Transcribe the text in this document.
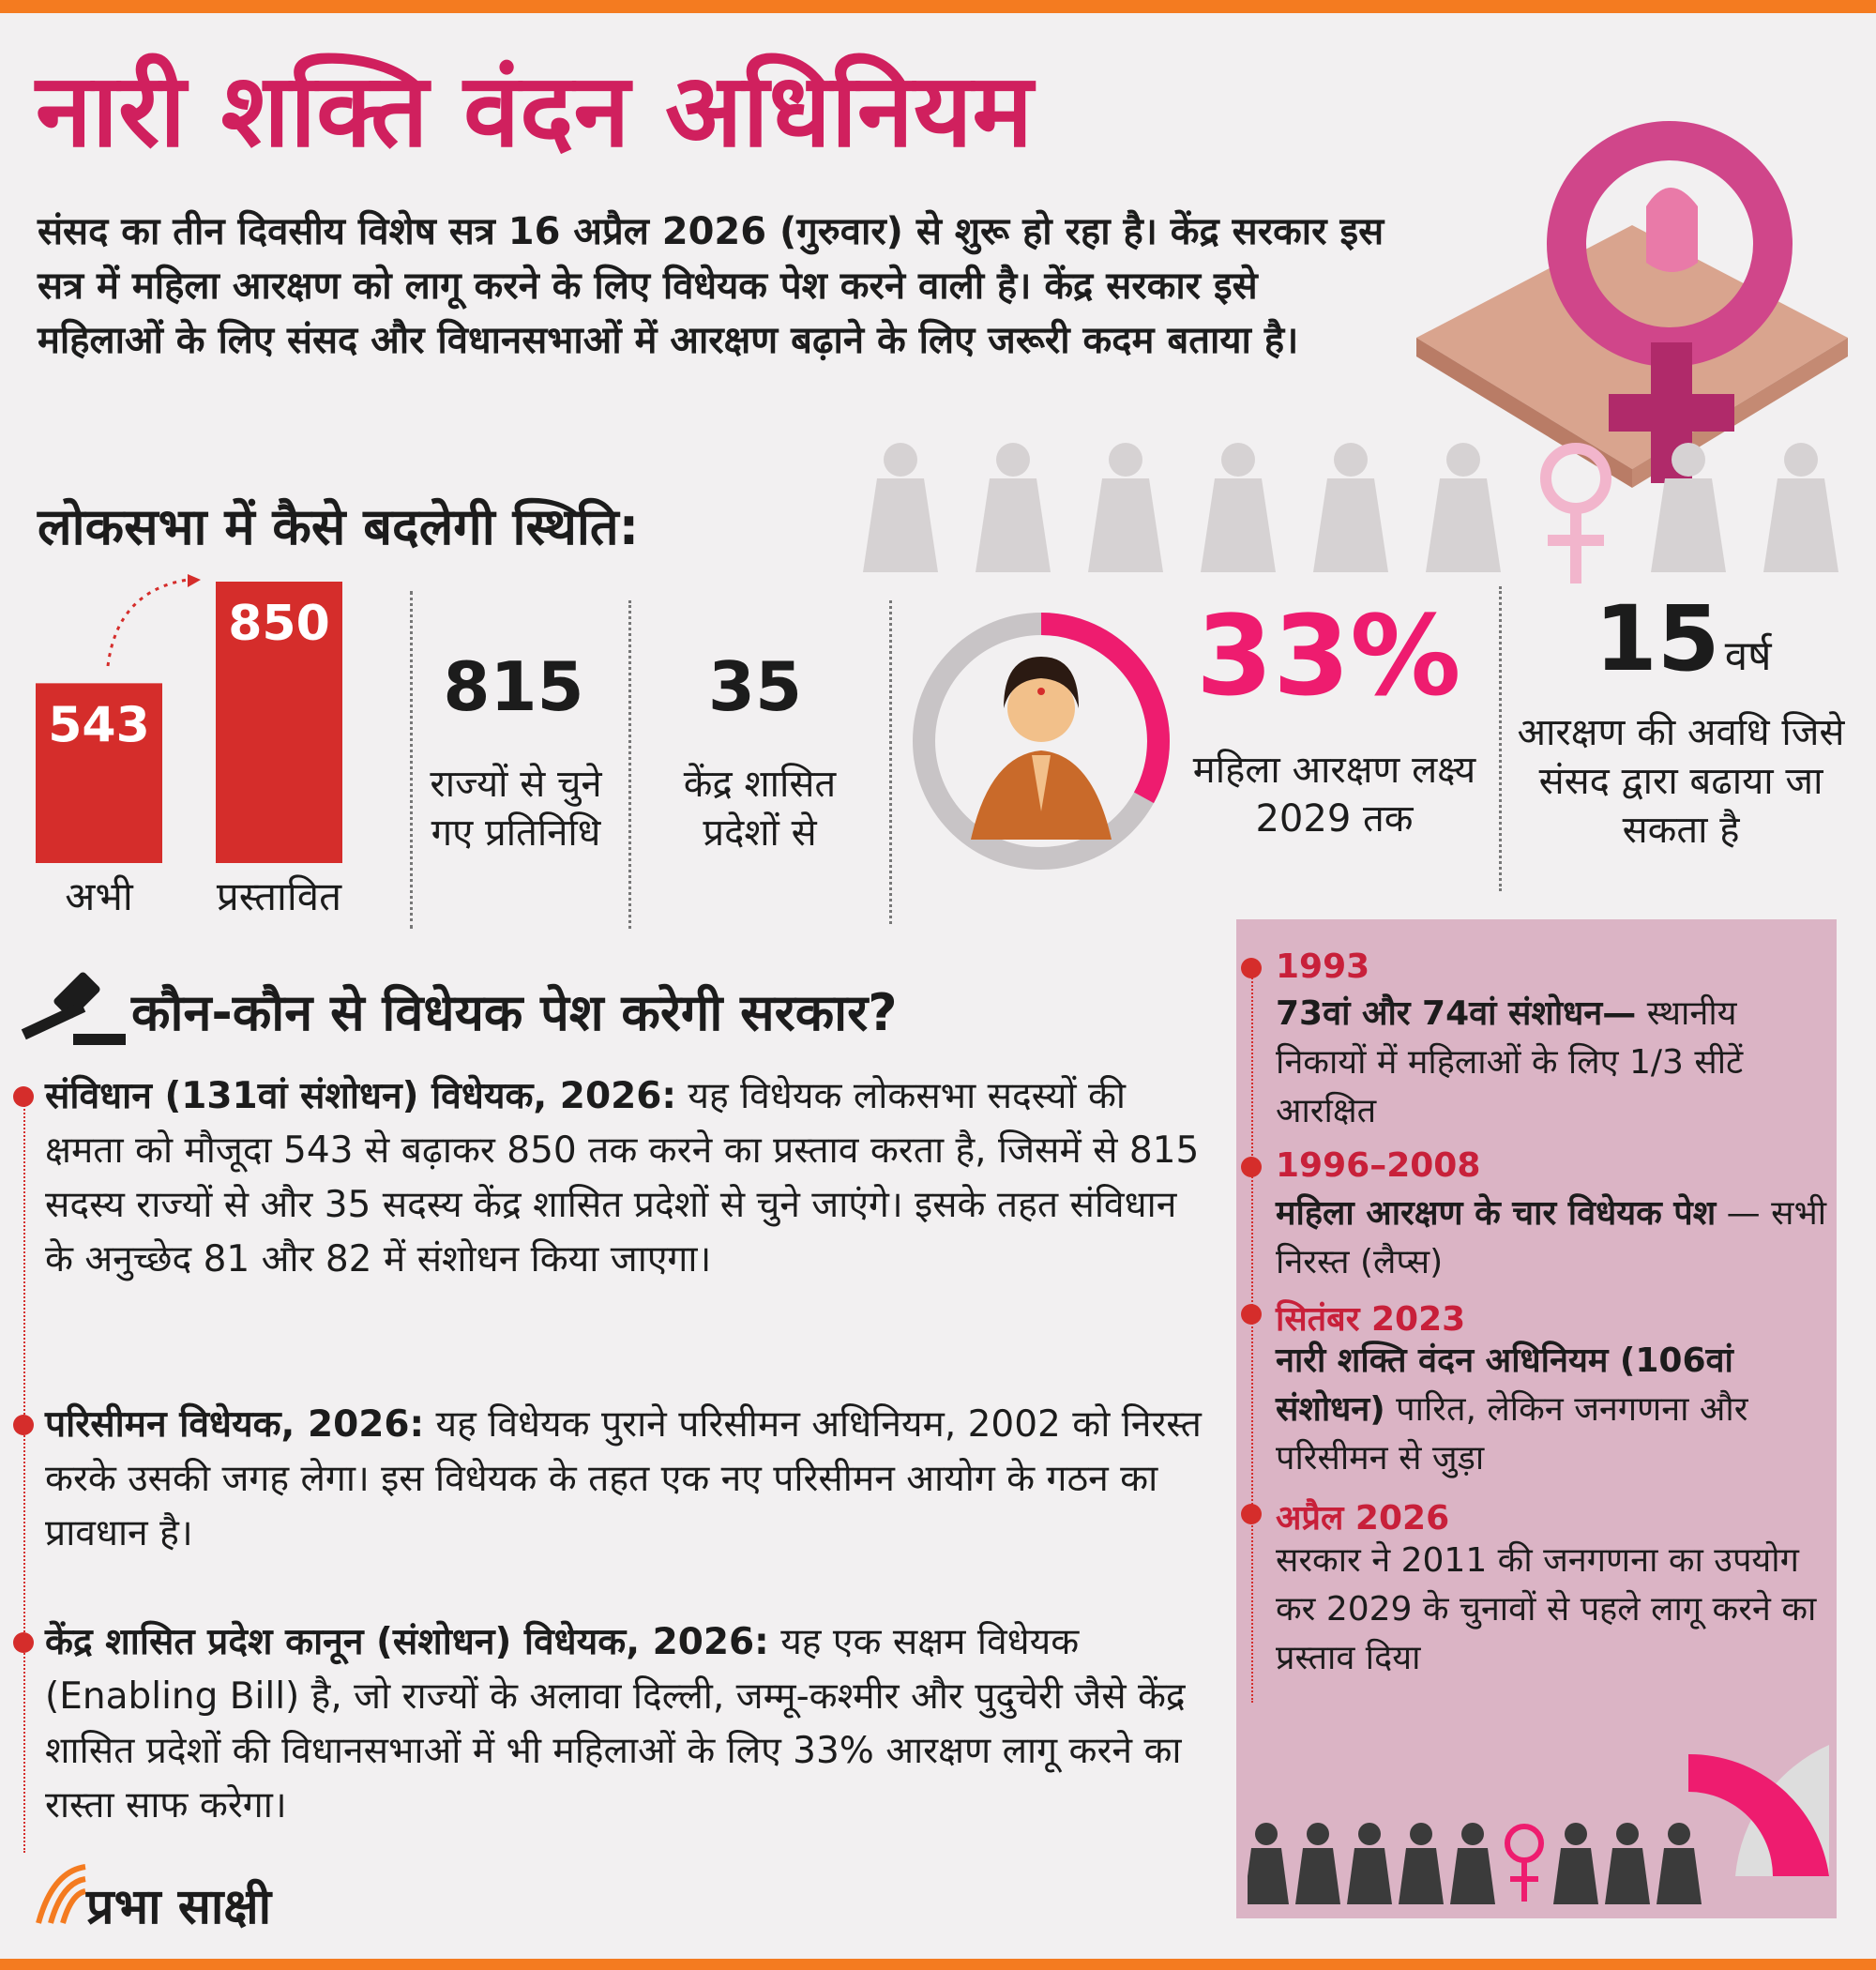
नारी शक्ति वंदन अधिनियम
संसद का तीन दिवसीय विशेष सत्र 16 अप्रैल 2026 (गुरुवार) से शुरू हो रहा है। केंद्र सरकार इस सत्र में महिला आरक्षण को लागू करने के लिए विधेयक पेश करने वाली है। केंद्र सरकार इसे महिलाओं के लिए संसद और विधानसभाओं में आरक्षण बढ़ाने के लिए जरूरी कदम बताया है।
लोकसभा में कैसे बदलेगी स्थिति:
543
अभी
850
प्रस्तावित
815
राज्यों से चुने गए प्रतिनिधि
35
केंद्र शासित प्रदेशों से
33%
महिला आरक्षण लक्ष्य 2029 तक
15 वर्ष
आरक्षण की अवधि जिसे संसद द्वारा बढाया जा सकता है
कौन-कौन से विधेयक पेश करेगी सरकार?
संविधान (131वां संशोधन) विधेयक, 2026: यह विधेयक लोकसभा सदस्यों की क्षमता को मौजूदा 543 से बढ़ाकर 850 तक करने का प्रस्ताव करता है, जिसमें से 815 सदस्य राज्यों से और 35 सदस्य केंद्र शासित प्रदेशों से चुने जाएंगे। इसके तहत संविधान के अनुच्छेद 81 और 82 में संशोधन किया जाएगा।
परिसीमन विधेयक, 2026: यह विधेयक पुराने परिसीमन अधिनियम, 2002 को निरस्त करके उसकी जगह लेगा। इस विधेयक के तहत एक नए परिसीमन आयोग के गठन का प्रावधान है।
केंद्र शासित प्रदेश कानून (संशोधन) विधेयक, 2026: यह एक सक्षम विधेयक (Enabling Bill) है, जो राज्यों के अलावा दिल्ली, जम्मू-कश्मीर और पुदुचेरी जैसे केंद्र शासित प्रदेशों की विधानसभाओं में भी महिलाओं के लिए 33% आरक्षण लागू करने का रास्ता साफ करेगा।
1993
73वां और 74वां संशोधन— स्थानीय निकायों में महिलाओं के लिए 1/3 सीटें आरक्षित
1996–2008
महिला आरक्षण के चार विधेयक पेश — सभी निरस्त (लैप्स)
सितंबर 2023
नारी शक्ति वंदन अधिनियम (106वां संशोधन) पारित, लेकिन जनगणना और परिसीमन से जुड़ा
अप्रैल 2026
सरकार ने 2011 की जनगणना का उपयोग कर 2029 के चुनावों से पहले लागू करने का प्रस्ताव दिया
प्रभा साक्षी
